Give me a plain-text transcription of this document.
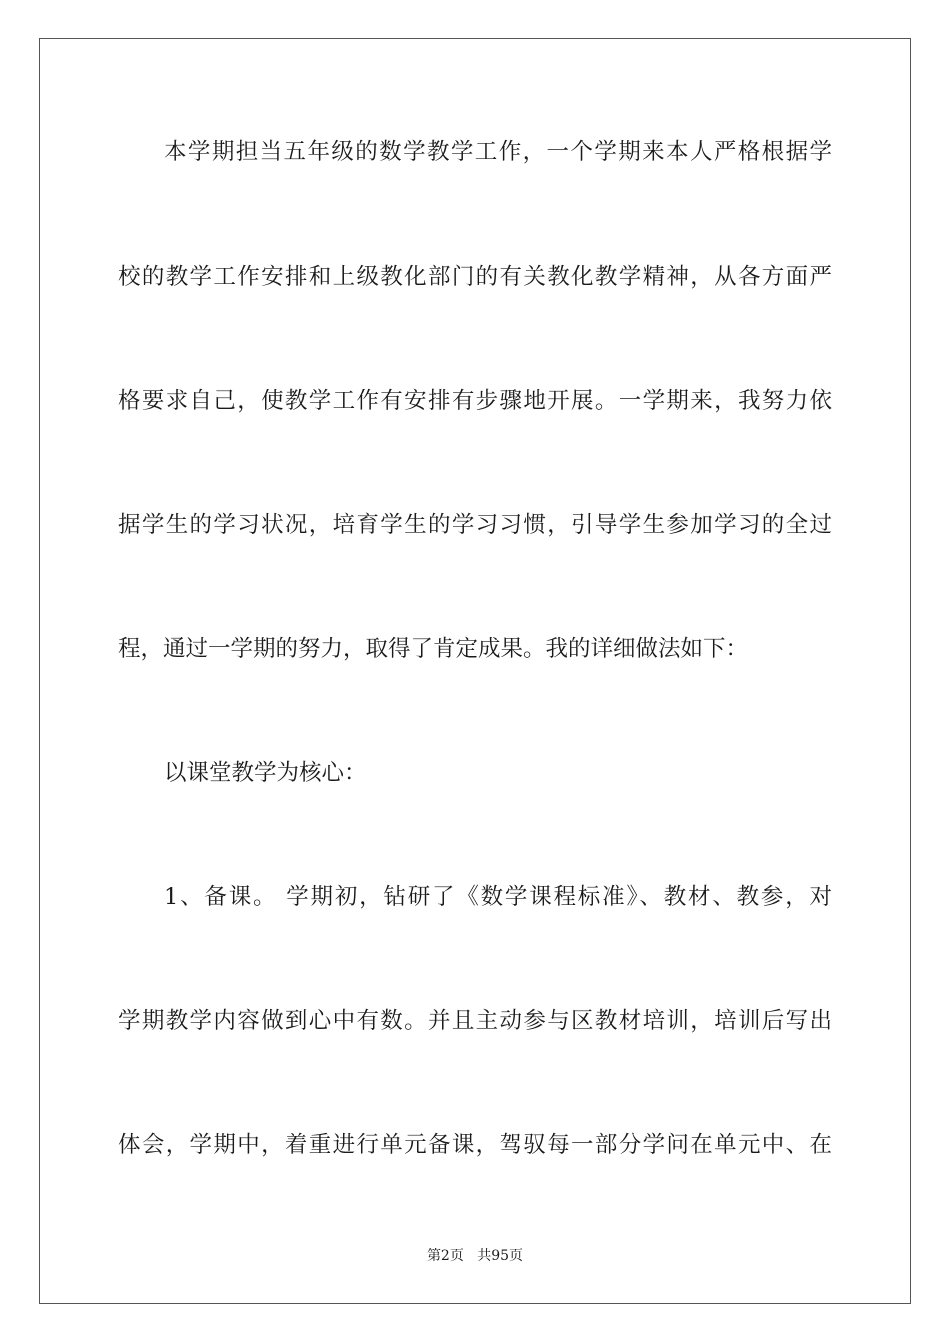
本学期担当五年级的数学教学工作，一个学期来本人严格根据学
校的教学工作安排和上级教化部门的有关教化教学精神，从各方面严
格要求自己，使教学工作有安排有步骤地开展。一学期来，我努力依
据学生的学习状况，培育学生的学习习惯，引导学生参加学习的全过
程，通过一学期的努力，取得了肯定成果。我的详细做法如下：
以课堂教学为核心：
1、备课。 学期初，钻研了《数学课程标准》、教材、教参，对
学期教学内容做到心中有数。并且主动参与区教材培训，培训后写出
体会，学期中，着重进行单元备课，驾驭每一部分学问在单元中、在
第2页 共95页
